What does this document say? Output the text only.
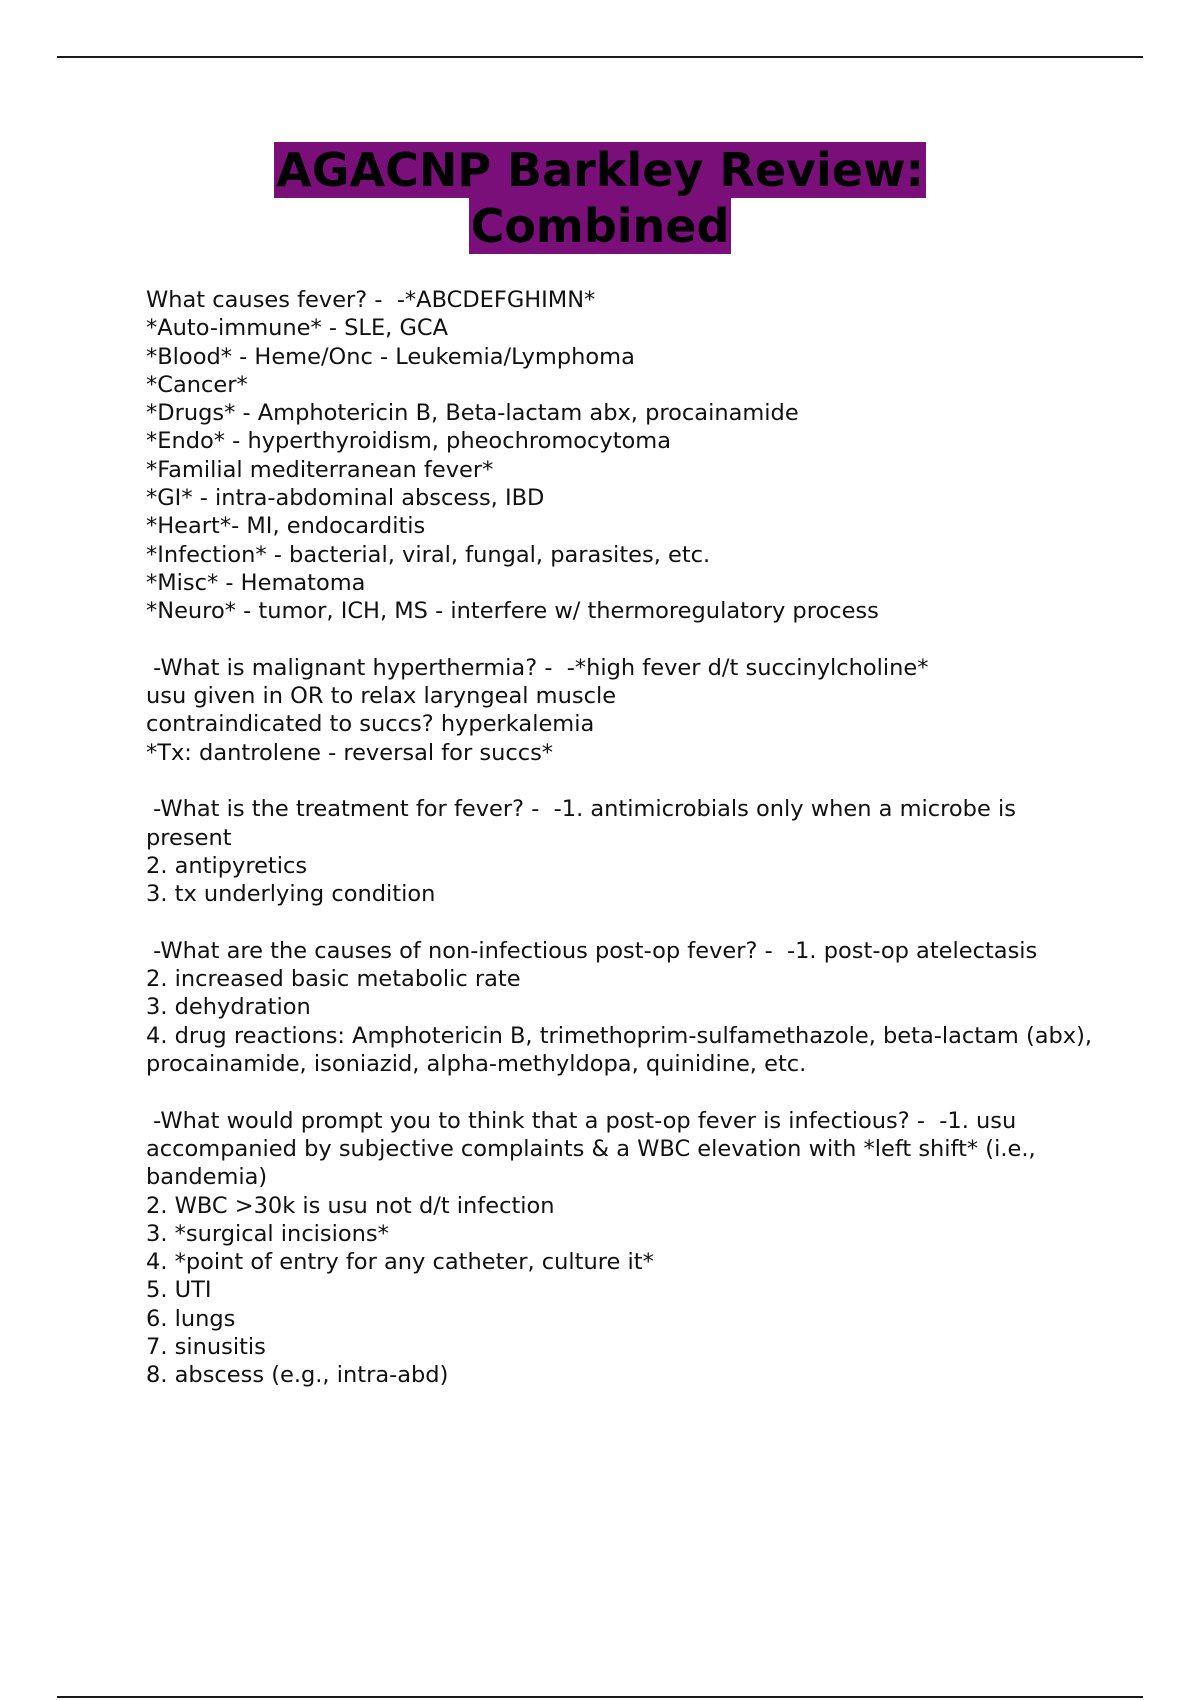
AGACNP Barkley Review:
Combined
What causes fever? -  -*ABCDEFGHIMN*
*Auto-immune* - SLE, GCA
*Blood* - Heme/Onc - Leukemia/Lymphoma
*Cancer*
*Drugs* - Amphotericin B, Beta-lactam abx, procainamide
*Endo* - hyperthyroidism, pheochromocytoma
*Familial mediterranean fever*
*GI* - intra-abdominal abscess, IBD
*Heart*- MI, endocarditis
*Infection* - bacterial, viral, fungal, parasites, etc.
*Misc* - Hematoma
*Neuro* - tumor, ICH, MS - interfere w/ thermoregulatory process
-What is malignant hyperthermia? -  -*high fever d/t succinylcholine*
usu given in OR to relax laryngeal muscle
contraindicated to succs? hyperkalemia
*Tx: dantrolene - reversal for succs*
-What is the treatment for fever? -  -1. antimicrobials only when a microbe is present
2. antipyretics
3. tx underlying condition
-What are the causes of non-infectious post-op fever? -  -1. post-op atelectasis
2. increased basic metabolic rate
3. dehydration
4. drug reactions: Amphotericin B, trimethoprim-sulfamethazole, beta-lactam (abx), procainamide, isoniazid, alpha-methyldopa, quinidine, etc.
-What would prompt you to think that a post-op fever is infectious? -  -1. usu accompanied by subjective complaints & a WBC elevation with *left shift* (i.e., bandemia)
2. WBC >30k is usu not d/t infection
3. *surgical incisions*
4. *point of entry for any catheter, culture it*
5. UTI
6. lungs
7. sinusitis
8. abscess (e.g., intra-abd)
